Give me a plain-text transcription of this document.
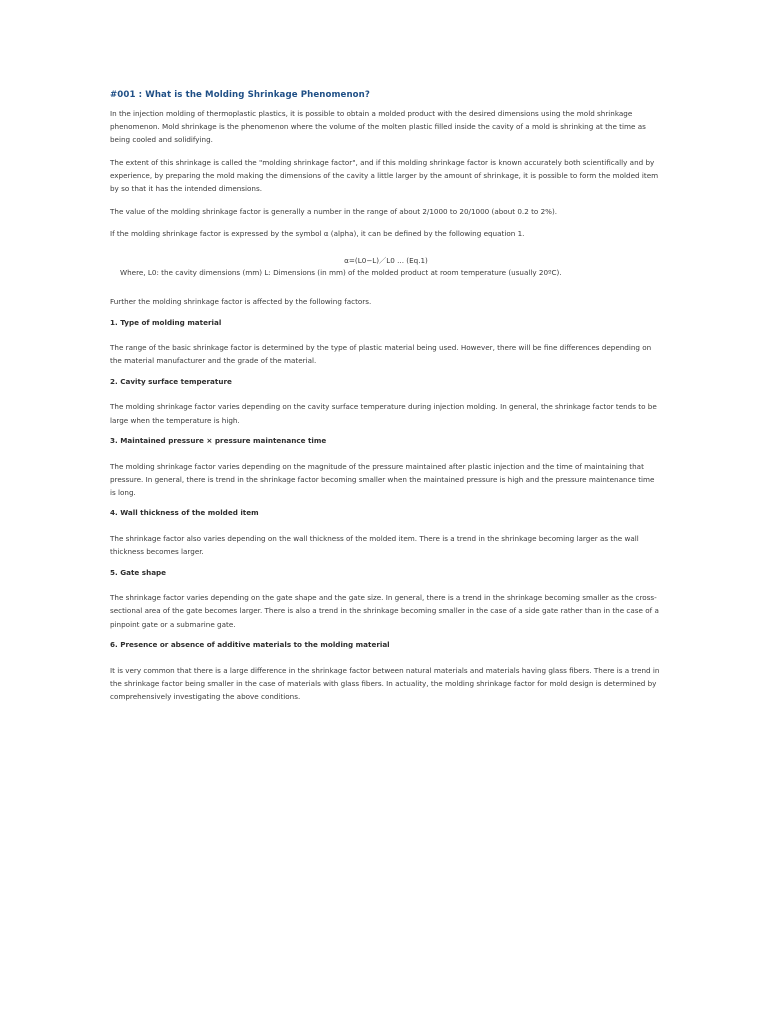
#001 : What is the Molding Shrinkage Phenomenon?

In the injection molding of thermoplastic plastics, it is possible to obtain a molded product with the desired dimensions using the mold shrinkage phenomenon. Mold shrinkage is the phenomenon where the volume of the molten plastic filled inside the cavity of a mold is shrinking at the time as being cooled and solidifying.

The extent of this shrinkage is called the "molding shrinkage factor", and if this molding shrinkage factor is known accurately both scientifically and by experience, by preparing the mold making the dimensions of the cavity a little larger by the amount of shrinkage, it is possible to form the molded item by so that it has the intended dimensions.

The value of the molding shrinkage factor is generally a number in the range of about 2/1000 to 20/1000 (about 0.2 to 2%).

If the molding shrinkage factor is expressed by the symbol α (alpha), it can be defined by the following equation 1.

α=(L0−L)／L0 ... (Eq.1)
Where, L0: the cavity dimensions (mm) L: Dimensions (in mm) of the molded product at room temperature (usually 20ºC).

Further the molding shrinkage factor is affected by the following factors.

1. Type of molding material

The range of the basic shrinkage factor is determined by the type of plastic material being used. However, there will be fine differences depending on the material manufacturer and the grade of the material.

2. Cavity surface temperature

The molding shrinkage factor varies depending on the cavity surface temperature during injection molding. In general, the shrinkage factor tends to be large when the temperature is high.

3. Maintained pressure × pressure maintenance time

The molding shrinkage factor varies depending on the magnitude of the pressure maintained after plastic injection and the time of maintaining that pressure. In general, there is trend in the shrinkage factor becoming smaller when the maintained pressure is high and the pressure maintenance time is long.

4. Wall thickness of the molded item

The shrinkage factor also varies depending on the wall thickness of the molded item. There is a trend in the shrinkage becoming larger as the wall thickness becomes larger.

5. Gate shape

The shrinkage factor varies depending on the gate shape and the gate size. In general, there is a trend in the shrinkage becoming smaller as the cross-sectional area of the gate becomes larger. There is also a trend in the shrinkage becoming smaller in the case of a side gate rather than in the case of a pinpoint gate or a submarine gate.

6. Presence or absence of additive materials to the molding material

It is very common that there is a large difference in the shrinkage factor between natural materials and materials having glass fibers. There is a trend in the shrinkage factor being smaller in the case of materials with glass fibers. In actuality, the molding shrinkage factor for mold design is determined by comprehensively investigating the above conditions.
